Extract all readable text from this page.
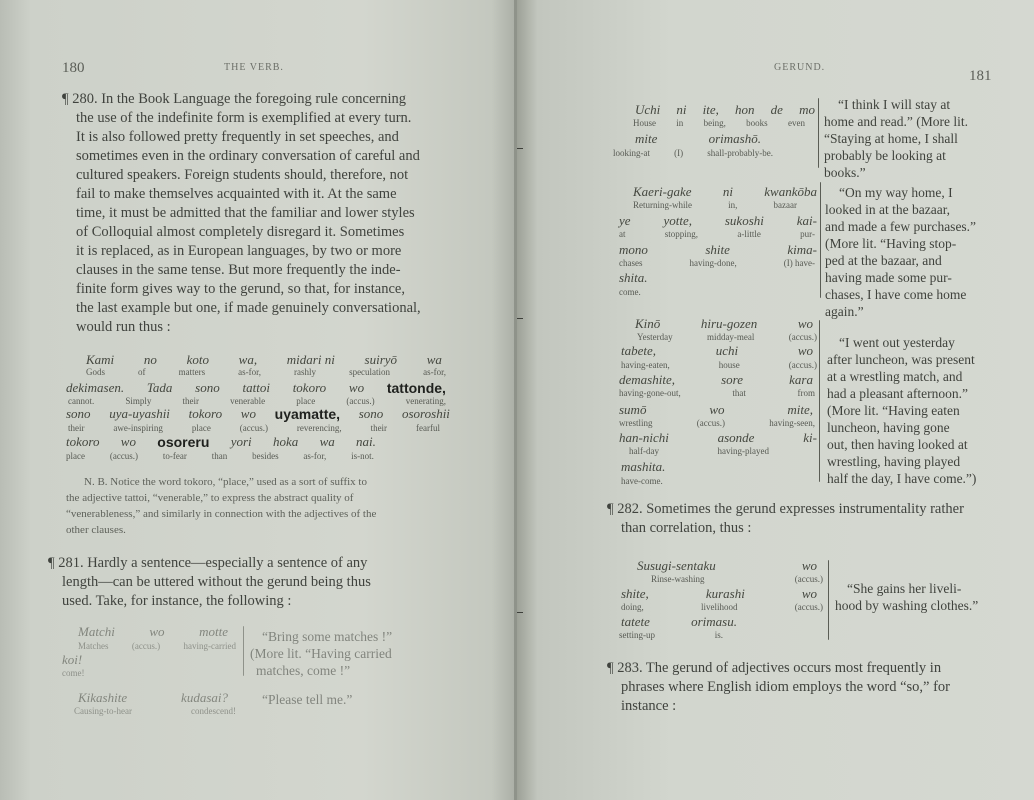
180	THE VERB.
¶ 280. In the Book Language the foregoing rule concerning
the use of the indefinite form is exemplified at every turn.
It is also followed pretty frequently in set speeches, and
sometimes even in the ordinary conversation of careful and
cultured speakers. Foreign students should, therefore, not
fail to make themselves acquainted with it. At the same
time, it must be admitted that the familiar and lower styles
of Colloquial almost completely disregard it. Sometimes
it is replaced, as in European languages, by two or more
clauses in the same tense. But more frequently the inde-
finite form gives way to the gerund, so that, for instance,
the last example but one, if made genuinely conversational,
would run thus :
Kami no koto wa, midari ni suiryō wa
Gods	of	matters	as-for,	rashly	speculation	as-for,
dekimasen. Tada sono tattoi tokoro wo tattonde,
cannot.	Simply	their	venerable	place	(accus.)	venerating,
sono uya-uyashii tokoro wo uyamatte, sono osoroshii
their	awe-inspiring	place	(accus.)	reverencing,	their	fearful
tokoro wo osoreru yori hoka wa nai.
place	(accus.)	to-fear	than	besides	as-for,	is-not.
N. B. Notice the word tokoro, “place,” used as a sort of suffix to
the adjective tattoi, “venerable,” to express the abstract quality of
“venerableness,” and similarly in connection with the adjectives of the
other clauses.
¶ 281. Hardly a sentence—especially a sentence of any
length—can be uttered without the gerund being thus
used. Take, for instance, the following :
Matchi	wo	motte
Matches	(accus.)	having-carried
koi!
come!
“Bring some matches !”
(More lit. “Having carried
matches, come !”
Kikashite	kudasai?
Causing-to-hear	condescend!
“Please tell me.”
GERUND.
181
Uchi ni ite, hon de mo
House in being, books even
mite	orimashō.
looking-at	(I)	shall-probably-be.
“I think I will stay at
home and read.” (More lit.
“Staying at home, I shall
probably be looking at
books.”
Kaeri-gake ni kwankōba
Returning-while	in,	bazaar
ye	yotte,	sukoshi	kai-
at	stopping,	a-little	pur-
mono	shite	kima-
chases	having-done,	(I) have-
shita.
come.
“On my way home, I
looked in at the bazaar,
and made a few purchases.”
(More lit. “Having stop-
ped at the bazaar, and
having made some pur-
chases, I have come home
again.”
Kinō	hiru-gozen	wo
Yesterday	midday-meal	(accus.)
tabete,	uchi	wo
having-eaten,	house	(accus.)
demashite,	sore	kara
having-gone-out,	that	from
sumō	wo	mite,
wrestling	(accus.)	having-seen,
han-nichi	asonde	ki-
half-day	having-played
mashita.
have-come.
“I went out yesterday
after luncheon, was present
at a wrestling match, and
had a pleasant afternoon.”
(More lit. “Having eaten
luncheon, having gone
out, then having looked at
wrestling, having played
half the day, I have come.”)
¶ 282. Sometimes the gerund expresses instrumentality rather
than correlation, thus :
Susugi-sentaku	wo
Rinse-washing	(accus.)
shite,	kurashi	wo
doing,	livelihood	(accus.)
tatete	orimasu.
setting-up	is.
“She gains her liveli-
hood by washing clothes.”
¶ 283. The gerund of adjectives occurs most frequently in
phrases where English idiom employs the word “so,” for
instance :
